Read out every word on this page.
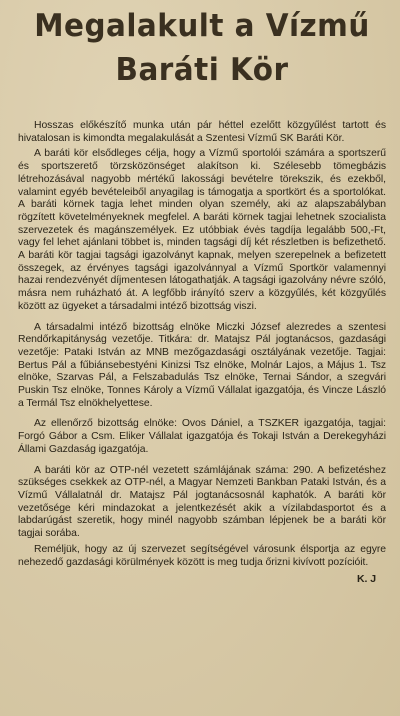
Megalakult a Vízmű
Baráti Kör

Hosszas előkészítő munka után pár héttel ezelőtt közgyűlést tartott és hivatalosan is kimondta megalakulását a Szentesi Vízmű SK Baráti Kör.

A baráti kör elsődleges célja, hogy a Vízmű sportolói számára a sportszerű és sportszerető törzsközönséget alakítson ki. Szélesebb tömegbázis létrehozásával nagyobb mértékű lakossági bevételre törekszik, és ezekből, valamint egyéb bevételeiből anyagilag is támogatja a sportkört és a sportolókat. A baráti körnek tagja lehet minden olyan személy, aki az alapszabályban rögzített követelményeknek megfelel. A baráti körnek tagjai lehetnek szocialista szervezetek és magánszemélyek. Ez utóbbiak évės tagdíja legalább 500,-Ft, vagy fel lehet ajánlani többet is, minden tagsági díj két részletben is befizethető. A baráti kör tagjai tagsági igazolványt kapnak, melyen szerepelnek a befizetett összegek, az érvényes tagsági igazolvánnyal a Vízmű Sportkör valamennyi hazai rendezvényét díjmentesen látogathatják. A tagsági igazolvány névre szóló, másra nem ruházható át. A legfőbb irányító szerv a közgyűlés, két közgyűlés között az ügyeket a társadalmi intéző bizottság viszi.

A társadalmi intéző bizottság elnöke Miczki József alezredes a szentesi Rendőrkapitányság vezetője. Titkára: dr. Matajsz Pál jogtanácsos, gazdasági vezetője: Pataki István az MNB mezőgazdasági osztályának vezetője. Tagjai: Bertus Pál a fűbiánsebestyéni Kinizsi Tsz elnöke, Molnár Lajos, a Május 1. Tsz elnöke, Szarvas Pál, a Felszabadulás Tsz elnöke, Ternai Sándor, a szegvári Puskin Tsz elnöke, Tonnes Károly a Vízmű Vállalat igazgatója, és Vincze László a Termál Tsz elnökhelyettese.

Az ellenőrző bizottság elnöke: Ovos Dániel, a TSZKER igazgatója, tagjai: Forgó Gábor a Csm. Eliker Vállalat igazgatója és Tokaji István a Derekegyházi Állami Gazdaság igazgatója.

A baráti kör az OTP-nél vezetett számlájának száma: 290. A befizetéshez szükséges csekkek az OTP-nél, a Magyar Nemzeti Bankban Pataki István, és a Vízmű Vállalatnál dr. Matajsz Pál jogtanácsosnál kaphatók. A baráti kör vezetősége kéri mindazokat a jelentkezését akik a vízilabdasportot és a labdarúgást szeretik, hogy minél nagyobb számban lépjenek be a baráti kör tagjai sorába.

Reméljük, hogy az új szervezet segítségével városunk élsportja az egyre nehezedő gazdasági körülmények között is meg tudja őrizni kivívott pozícióit.

K. J
